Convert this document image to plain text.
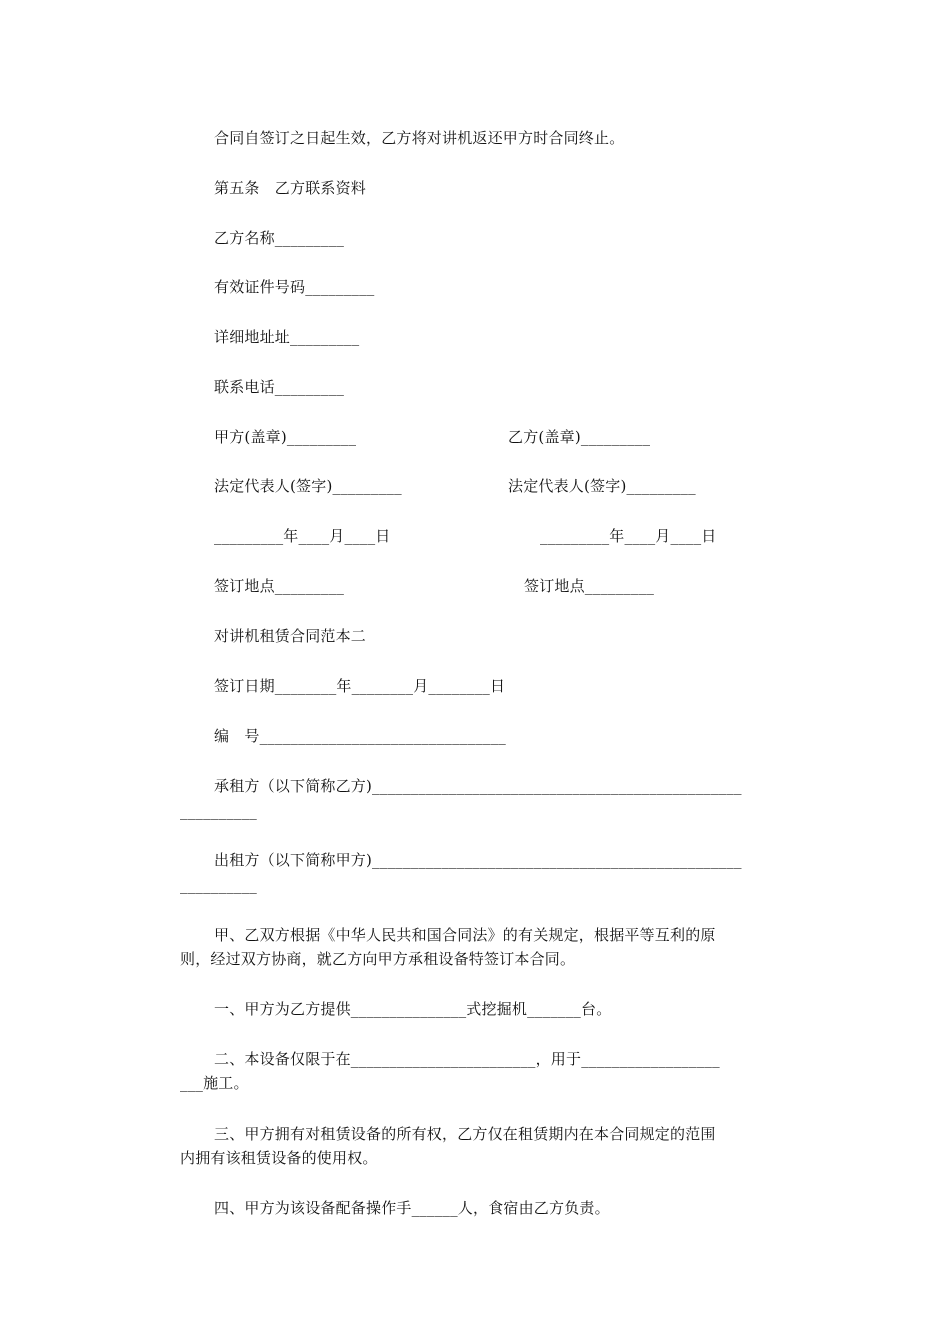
合同自签订之日起生效，乙方将对讲机返还甲方时合同终止。
第五条　乙方联系资料
乙方名称_________
有效证件号码_________
详细地址址_________
联系电话_________
甲方(盖章)_________	乙方(盖章)_________
法定代表人(签字)_________	法定代表人(签字)_________
_________年____月____日	_________年____月____日
签订地点_________	签订地点_________
对讲机租赁合同范本二
签订日期________年________月________日
编　号________________________________
承租方（以下简称乙方)________________________________________________
__________
出租方（以下简称甲方)________________________________________________
__________
甲、乙双方根据《中华人民共和国合同法》的有关规定，根据平等互利的原
则，经过双方协商，就乙方向甲方承租设备特签订本合同。
一、甲方为乙方提供_______________式挖掘机_______台。
二、本设备仅限于在________________________，用于__________________
___施工。
三、甲方拥有对租赁设备的所有权，乙方仅在租赁期内在本合同规定的范围
内拥有该租赁设备的使用权。
四、甲方为该设备配备操作手______人，食宿由乙方负责。
